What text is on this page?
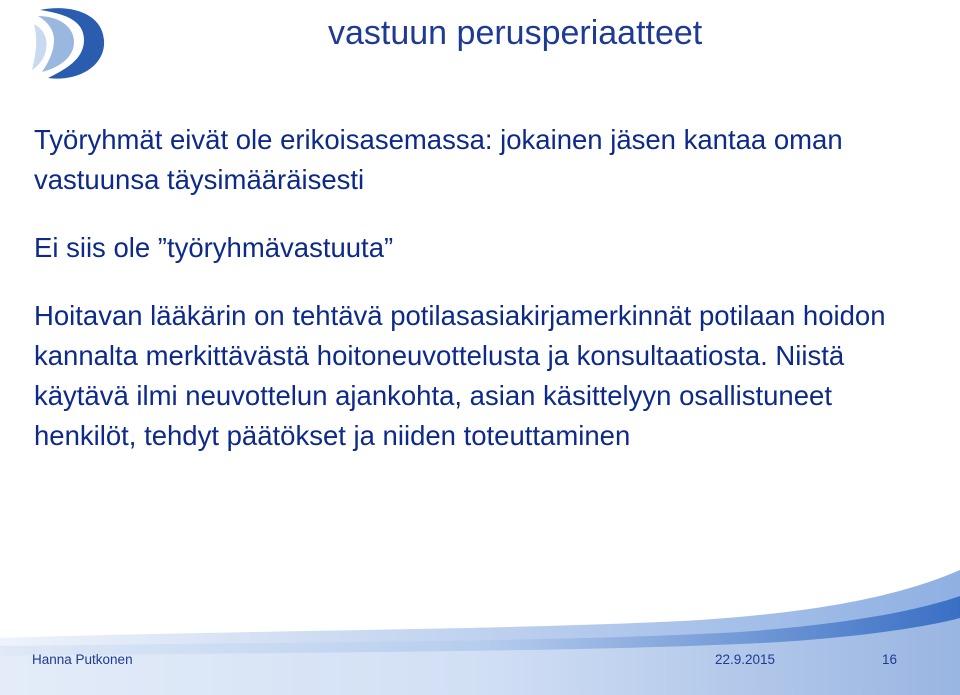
vastuun perusperiaatteet

Työryhmät eivät ole erikoisasemassa: jokainen jäsen kantaa oman vastuunsa täysimääräisesti

Ei siis ole ”työryhmävastuuta”

Hoitavan lääkärin on tehtävä potilasasiakirjamerkinnät potilaan hoidon kannalta merkittävästä hoitoneuvottelusta ja konsultaatiosta. Niistä käytävä ilmi neuvottelun ajankohta, asian käsittelyyn osallistuneet henkilöt, tehdyt päätökset ja niiden toteuttaminen

Hanna Putkonen	22.9.2015	16
